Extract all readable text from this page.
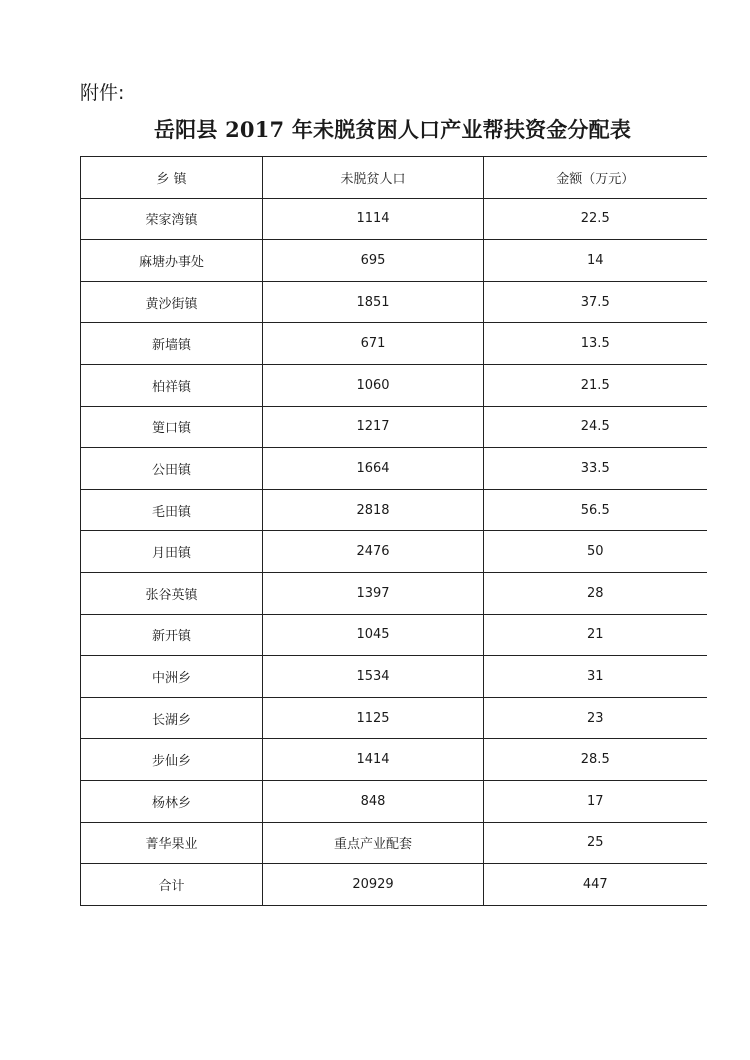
附件:
岳阳县 2017 年未脱贫困人口产业帮扶资金分配表
乡 镇	未脱贫人口	金额（万元）
荣家湾镇	1114	22.5
麻塘办事处	695	14
黄沙街镇	1851	37.5
新墙镇	671	13.5
柏祥镇	1060	21.5
筻口镇	1217	24.5
公田镇	1664	33.5
毛田镇	2818	56.5
月田镇	2476	50
张谷英镇	1397	28
新开镇	1045	21
中洲乡	1534	31
长湖乡	1125	23
步仙乡	1414	28.5
杨林乡	848	17
菁华果业	重点产业配套	25
合计	20929	447
